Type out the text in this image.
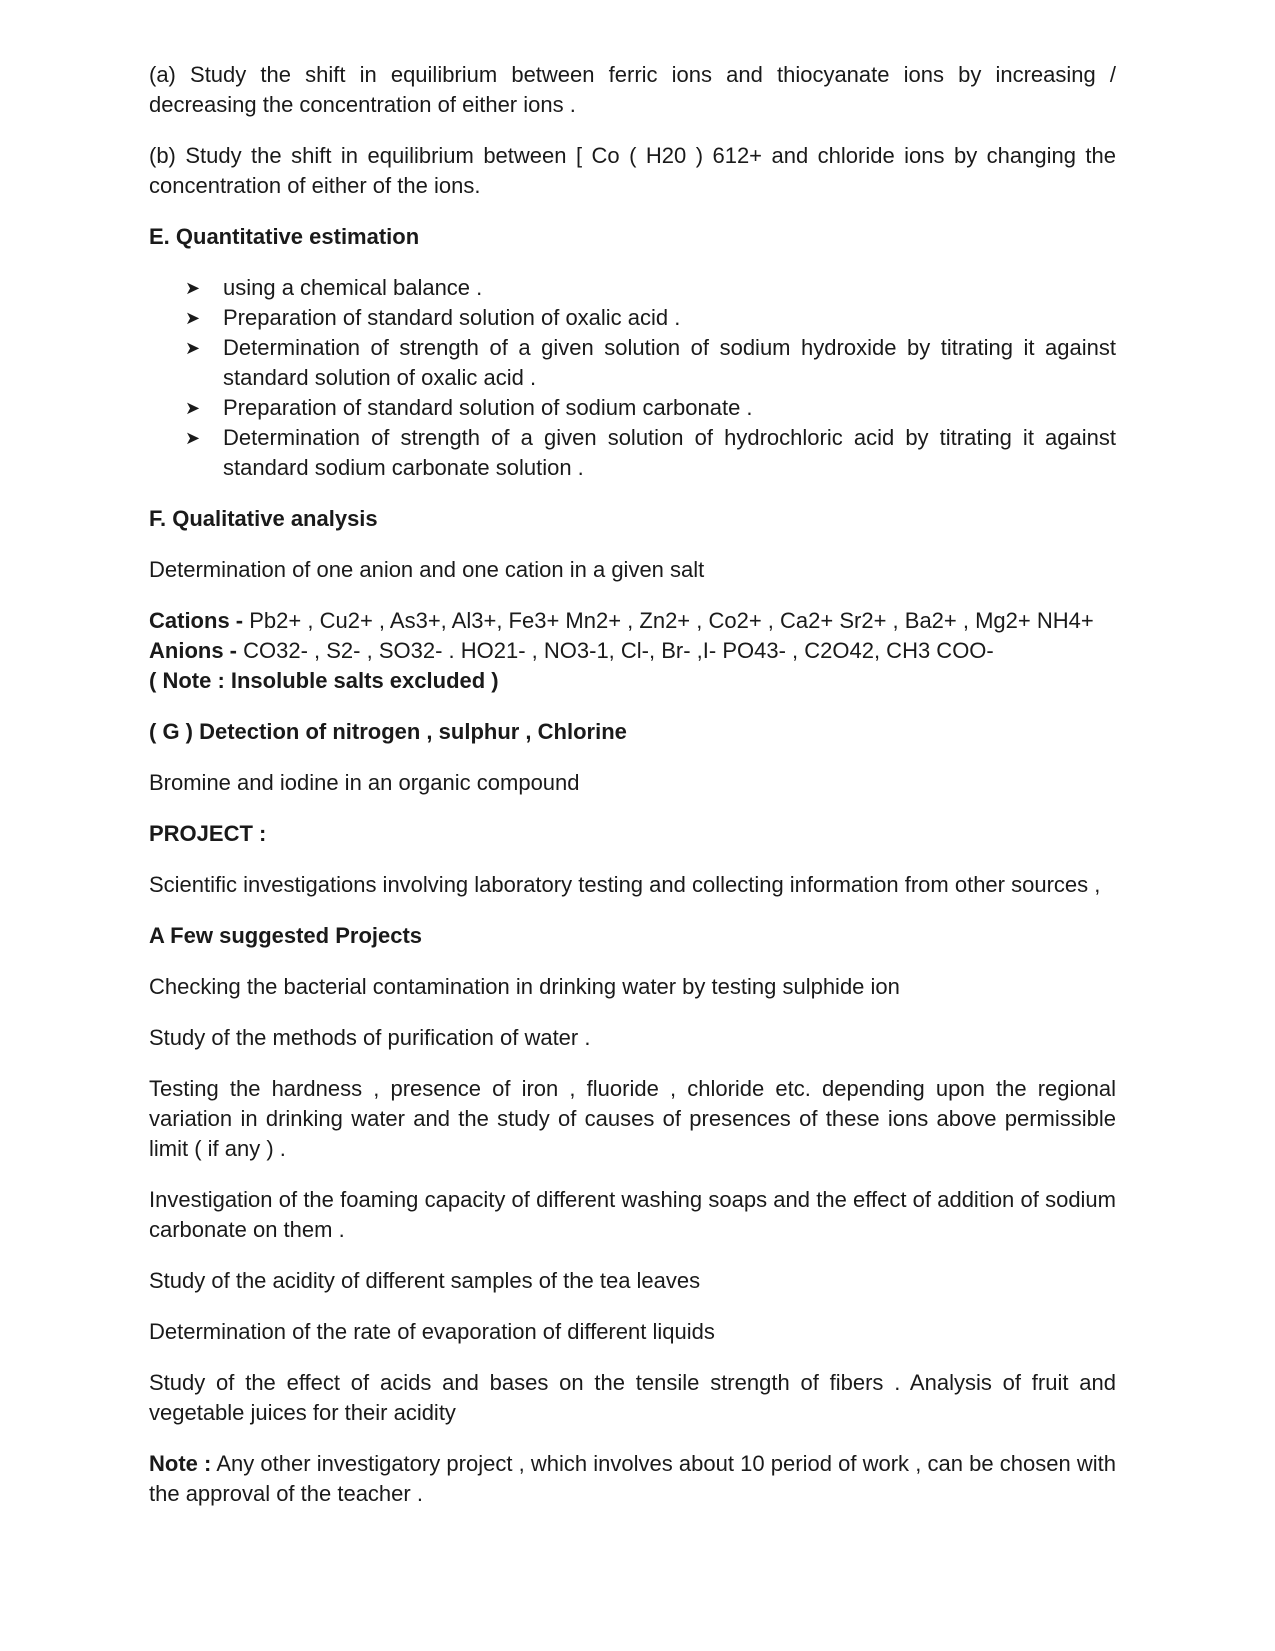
(a) Study the shift in equilibrium between ferric ions and thiocyanate ions by increasing / decreasing the concentration of either ions .

(b) Study the shift in equilibrium between [ Co ( H20 ) 612+ and chloride ions by changing the concentration of either of the ions.

E. Quantitative estimation
➤ using a chemical balance .
➤ Preparation of standard solution of oxalic acid .
➤ Determination of strength of a given solution of sodium hydroxide by titrating it against standard solution of oxalic acid .
➤ Preparation of standard solution of sodium carbonate .
➤ Determination of strength of a given solution of hydrochloric acid by titrating it against standard sodium carbonate solution .
F. Qualitative analysis

Determination of one anion and one cation in a given salt

Cations - Pb2+ , Cu2+ , As3+, Al3+, Fe3+ Mn2+ , Zn2+ , Co2+ , Ca2+ Sr2+ , Ba2+ , Mg2+ NH4+
Anions - CO32- , S2- , SO32- . HO21- , NO3-1, Cl-, Br- ,I- PO43- , C2O42, CH3 COO-
( Note : Insoluble salts excluded )
( G ) Detection of nitrogen , sulphur , Chlorine

Bromine and iodine in an organic compound

PROJECT :

Scientific investigations involving laboratory testing and collecting information from other sources ,

A Few suggested Projects

Checking the bacterial contamination in drinking water by testing sulphide ion

Study of the methods of purification of water .

Testing the hardness , presence of iron , fluoride , chloride etc. depending upon the regional variation in drinking water and the study of causes of presences of these ions above permissible limit ( if any ) .

Investigation of the foaming capacity of different washing soaps and the effect of addition of sodium carbonate on them .

Study of the acidity of different samples of the tea leaves

Determination of the rate of evaporation of different liquids

Study of the effect of acids and bases on the tensile strength of fibers . Analysis of fruit and vegetable juices for their acidity

Note : Any other investigatory project , which involves about 10 period of work , can be chosen with the approval of the teacher .
